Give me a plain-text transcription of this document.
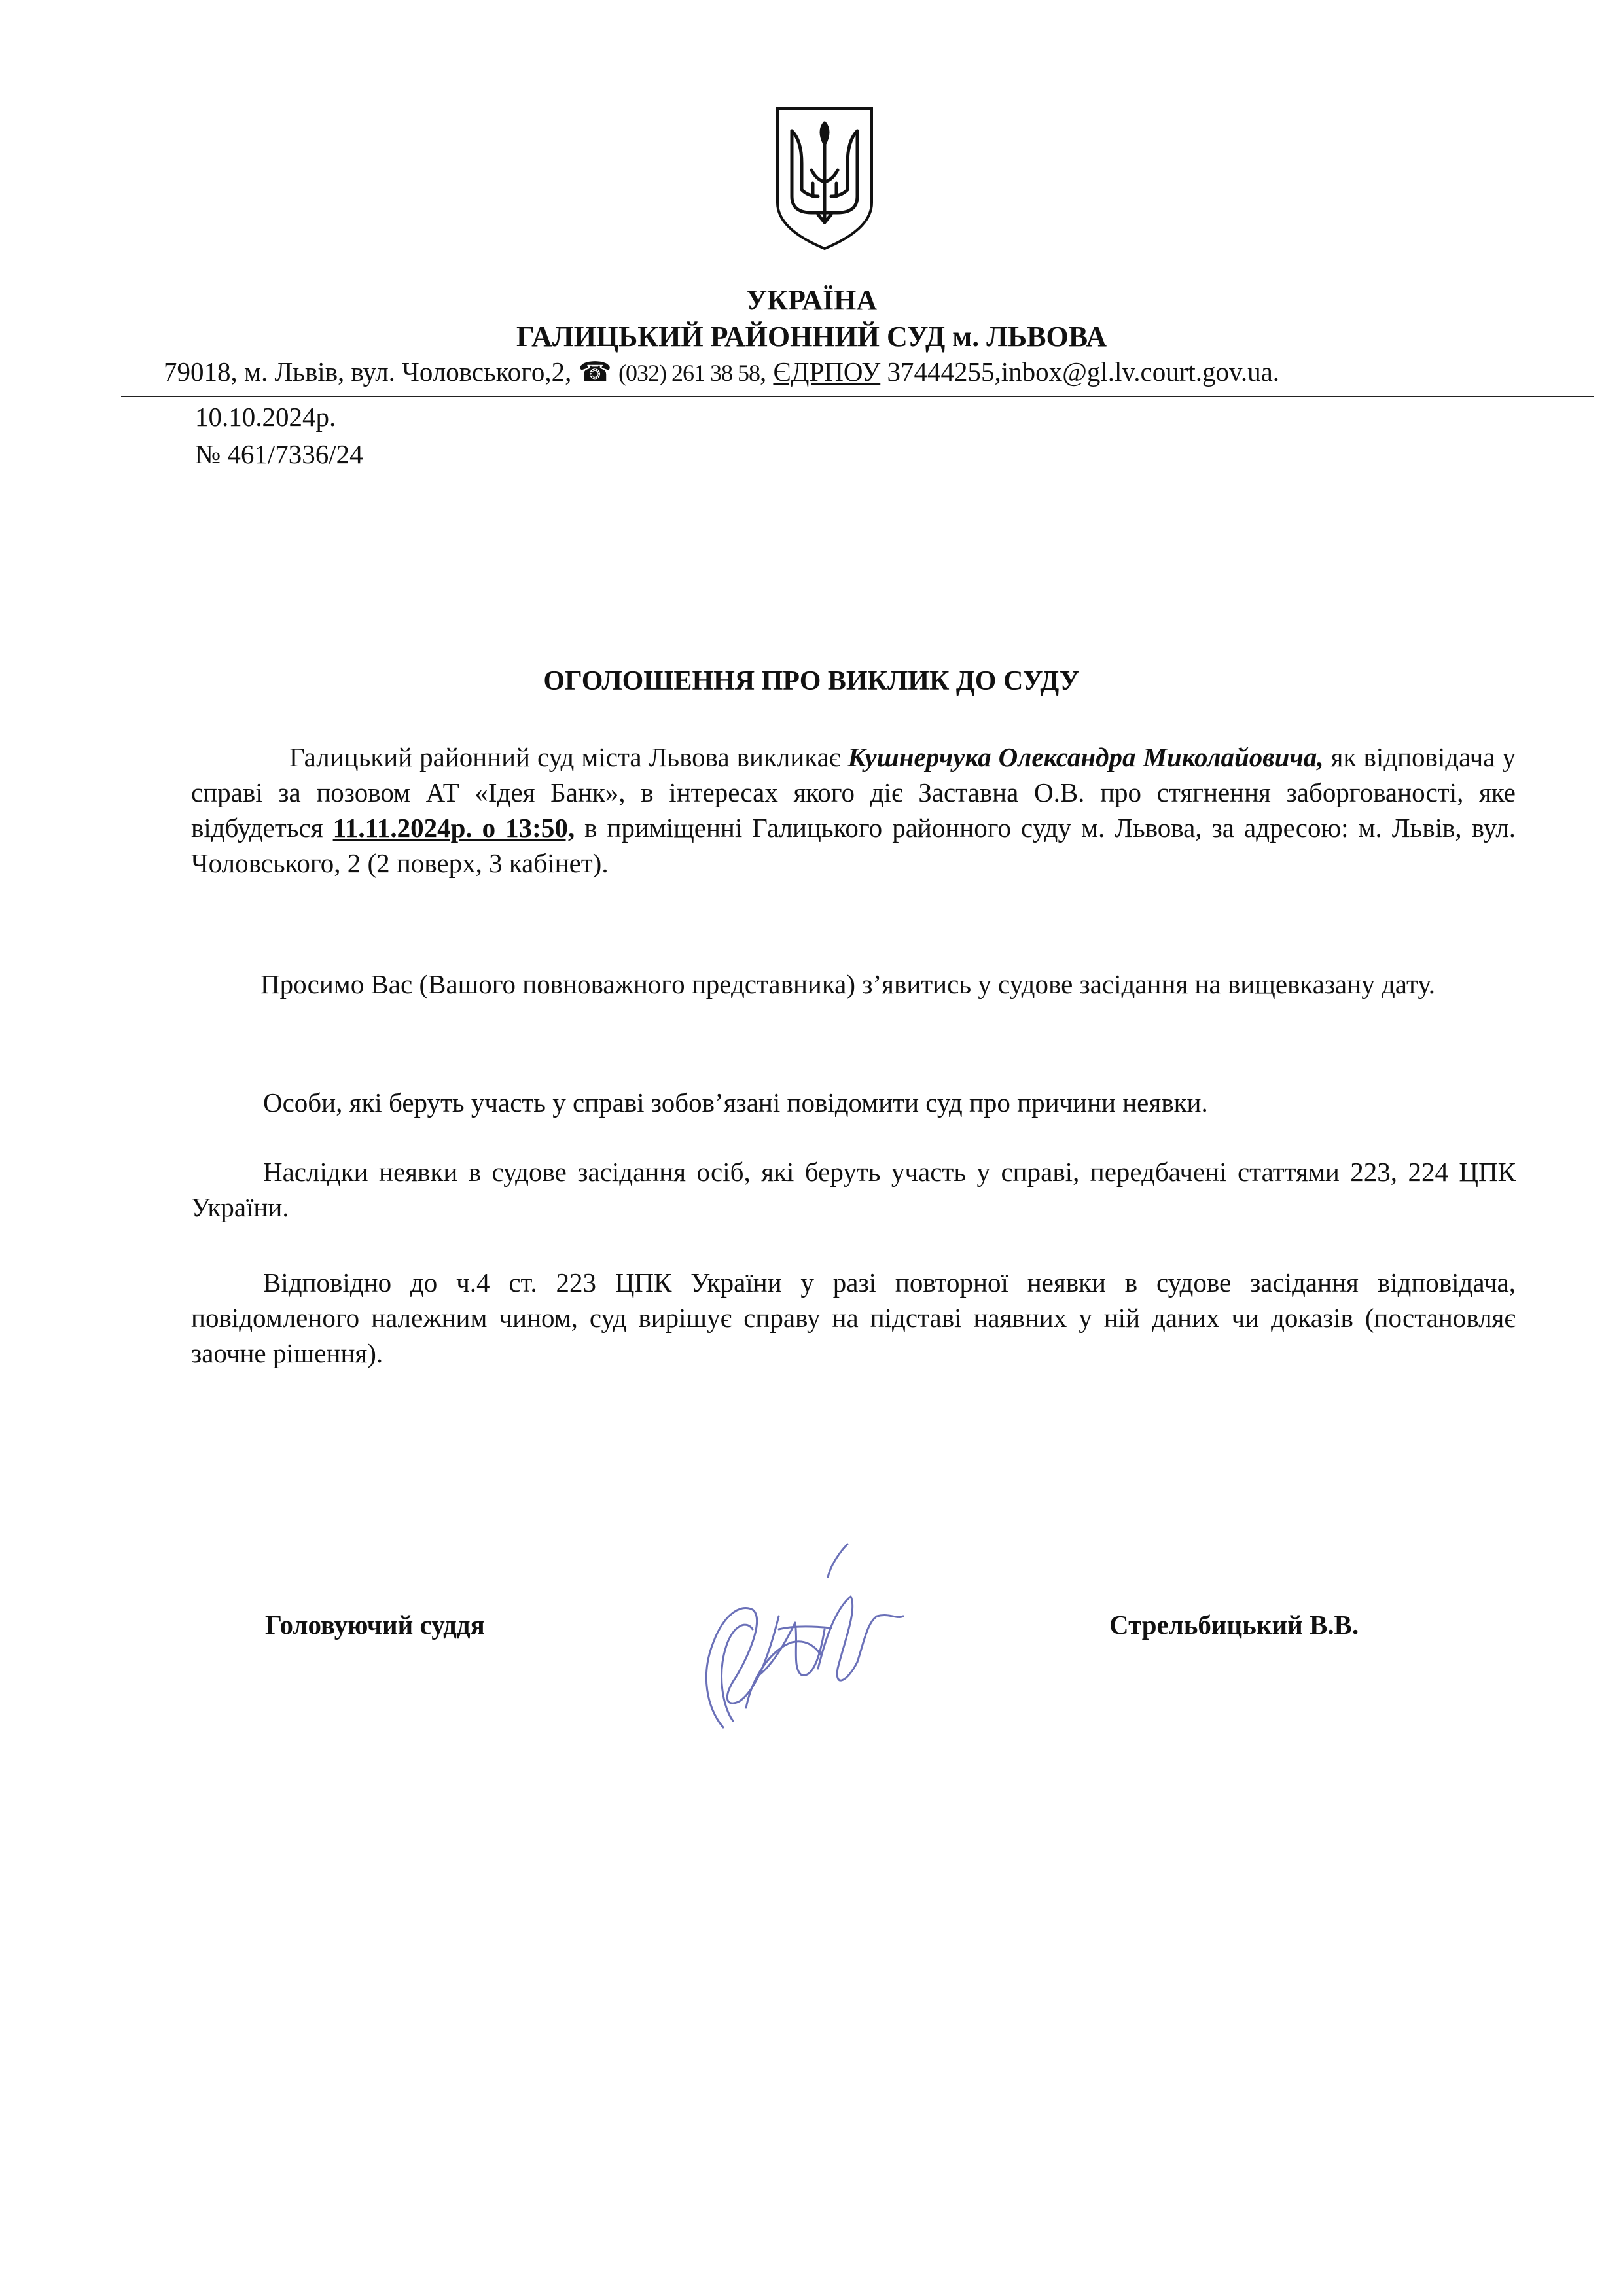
УКРАЇНА
ГАЛИЦЬКИЙ РАЙОННИЙ СУД м. ЛЬВОВА
79018, м. Львів, вул. Чоловського,2, ☎ (032) 261 38 58, ЄДРПОУ 37444255,inbox@gl.lv.court.gov.ua.
10.10.2024р.
№ 461/7336/24
ОГОЛОШЕННЯ ПРО ВИКЛИК ДО СУДУ
Галицький районний суд міста Львова викликає Кушнерчука Олександра Миколайовича, як відповідача у справі за позовом АТ «Ідея Банк», в інтересах якого діє Заставна О.В. про стягнення заборгованості, яке відбудеться 11.11.2024р. о 13:50, в приміщенні Галицького районного суду м. Львова, за адресою: м. Львів, вул. Чоловського, 2 (2 поверх, 3 кабінет).
Просимо Вас (Вашого повноважного представника) з’явитись у судове засідання на вищевказану дату.
Особи, які беруть участь у справі зобов’язані повідомити суд про причини неявки.
Наслідки неявки в судове засідання осіб, які беруть участь у справі, передбачені статтями 223, 224 ЦПК України.
Відповідно до ч.4 ст. 223 ЦПК України у разі повторної неявки в судове засідання відповідача, повідомленого належним чином, суд вирішує справу на підставі наявних у ній даних чи доказів (постановляє заочне рішення).
Головуючий суддя	Стрельбицький В.В.
